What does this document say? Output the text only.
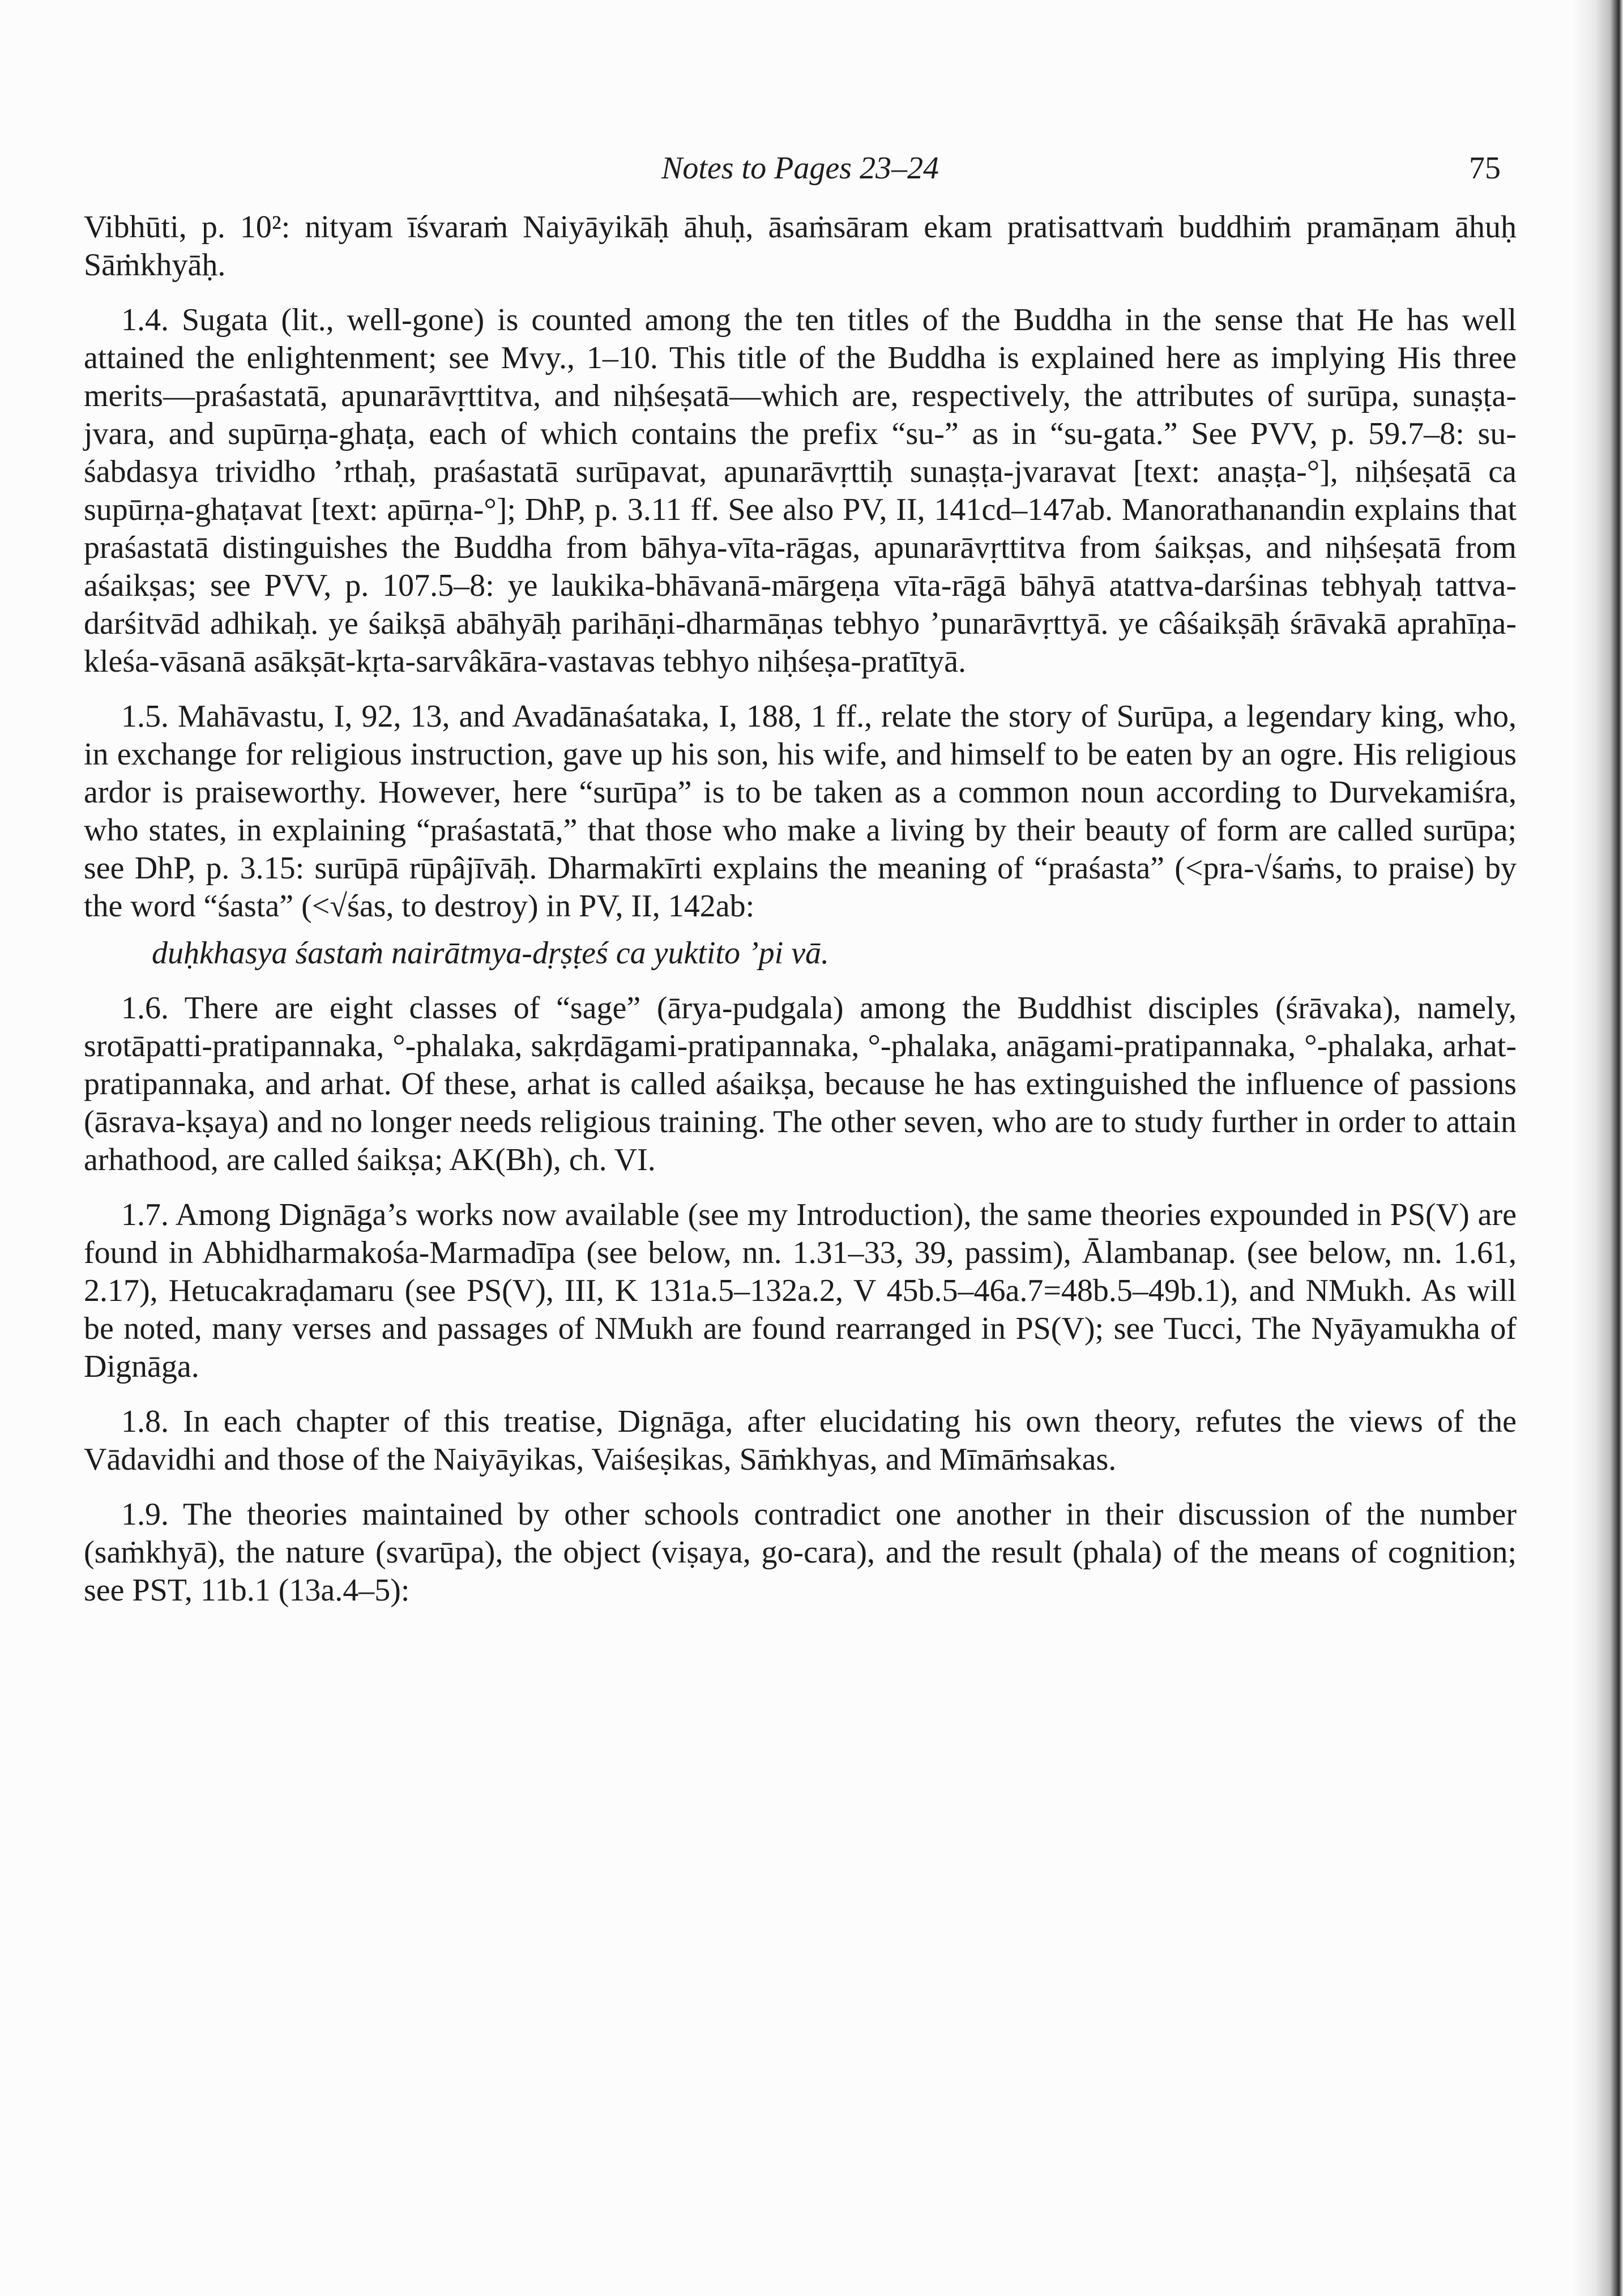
Notes to Pages 23–24	75

Vibhūti, p. 10²: nityam īśvaraṁ Naiyāyikāḥ āhuḥ, āsaṁsāram ekam pratisattvaṁ buddhiṁ pramāṇam āhuḥ Sāṁkhyāḥ.

1.4. Sugata (lit., well-gone) is counted among the ten titles of the Buddha in the sense that He has well attained the enlightenment; see Mvy., 1–10. This title of the Buddha is explained here as implying His three merits—praśastatā, apunarāvṛttitva, and niḥśeṣatā—which are, respectively, the attributes of surūpa, sunaṣṭa-jvara, and supūrṇa-ghaṭa, each of which contains the prefix “su-” as in “su-gata.” See PVV, p. 59.7–8: su-śabdasya trividho ’rthaḥ, praśastatā surūpavat, apunarāvṛttiḥ sunaṣṭa-jvaravat [text: anaṣṭa-°], niḥśeṣatā ca supūrṇa-ghaṭavat [text: apūrṇa-°]; DhP, p. 3.11 ff. See also PV, II, 141cd–147ab. Manorathanandin explains that praśastatā distinguishes the Buddha from bāhya-vīta-rāgas, apunarāvṛttitva from śaikṣas, and niḥśeṣatā from aśaikṣas; see PVV, p. 107.5–8: ye laukika-bhāvanā-mārgeṇa vīta-rāgā bāhyā atattva-darśinas tebhyaḥ tattva-darśitvād adhikaḥ. ye śaikṣā abāhyāḥ parihāṇi-dharmāṇas tebhyo ’punarāvṛttyā. ye câśaikṣāḥ śrāvakā aprahīṇa-kleśa-vāsanā asākṣāt-kṛta-sarvâkāra-vastavas tebhyo niḥśeṣa-pratītyā.

1.5. Mahāvastu, I, 92, 13, and Avadānaśataka, I, 188, 1 ff., relate the story of Surūpa, a legendary king, who, in exchange for religious instruction, gave up his son, his wife, and himself to be eaten by an ogre. His religious ardor is praiseworthy. However, here “surūpa” is to be taken as a common noun according to Durvekamiśra, who states, in explaining “praśastatā,” that those who make a living by their beauty of form are called surūpa; see DhP, p. 3.15: surūpā rūpâjīvāḥ. Dharmakīrti explains the meaning of “praśasta” (<pra-√śaṁs, to praise) by the word “śasta” (<√śas, to destroy) in PV, II, 142ab:

duḥkhasya śastaṁ nairātmya-dṛṣṭeś ca yuktito ’pi vā.

1.6. There are eight classes of “sage” (ārya-pudgala) among the Buddhist disciples (śrāvaka), namely, srotāpatti-pratipannaka, °-phalaka, sakṛdāgami-pratipannaka, °-phalaka, anāgami-pratipannaka, °-phalaka, arhat-pratipannaka, and arhat. Of these, arhat is called aśaikṣa, because he has extinguished the influence of passions (āsrava-kṣaya) and no longer needs religious training. The other seven, who are to study further in order to attain arhathood, are called śaikṣa; AK(Bh), ch. VI.

1.7. Among Dignāga’s works now available (see my Introduction), the same theories expounded in PS(V) are found in Abhidharmakośa-Marmadīpa (see below, nn. 1.31–33, 39, passim), Ālambanap. (see below, nn. 1.61, 2.17), Hetucakraḍamaru (see PS(V), III, K 131a.5–132a.2, V 45b.5–46a.7=48b.5–49b.1), and NMukh. As will be noted, many verses and passages of NMukh are found rearranged in PS(V); see Tucci, The Nyāyamukha of Dignāga.

1.8. In each chapter of this treatise, Dignāga, after elucidating his own theory, refutes the views of the Vādavidhi and those of the Naiyāyikas, Vaiśeṣikas, Sāṁkhyas, and Mīmāṁsakas.

1.9. The theories maintained by other schools contradict one another in their discussion of the number (saṁkhyā), the nature (svarūpa), the object (viṣaya, go-cara), and the result (phala) of the means of cognition; see PST, 11b.1 (13a.4–5):
